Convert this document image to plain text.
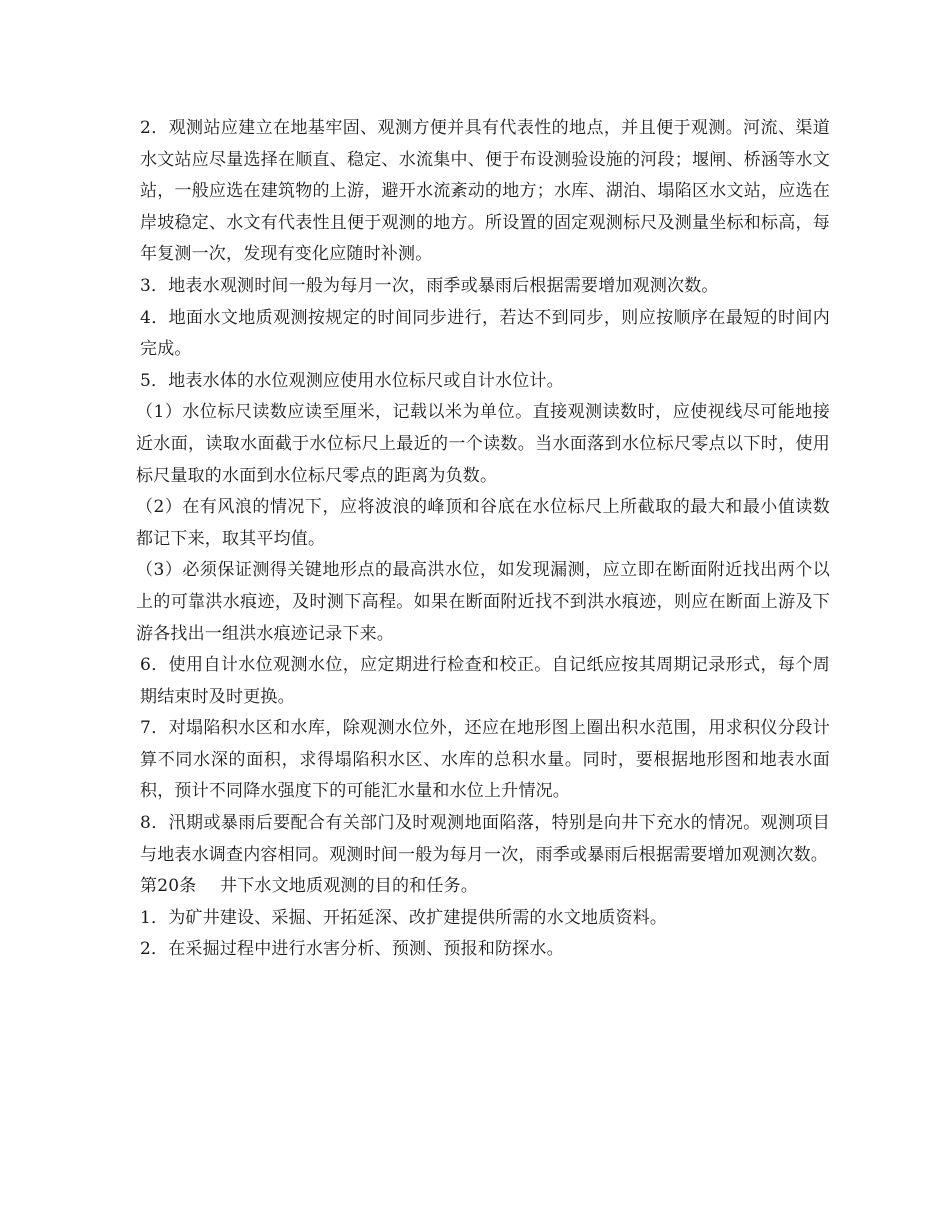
2．观测站应建立在地基牢固、观测方便并具有代表性的地点，并且便于观测。河流、渠道水文站应尽量选择在顺直、稳定、水流集中、便于布设测验设施的河段；堰闸、桥涵等水文站，一般应选在建筑物的上游，避开水流紊动的地方；水库、湖泊、塌陷区水文站，应选在岸坡稳定、水文有代表性且便于观测的地方。所设置的固定观测标尺及测量坐标和标高，每年复测一次，发现有变化应随时补测。

3．地表水观测时间一般为每月一次，雨季或暴雨后根据需要增加观测次数。

4．地面水文地质观测按规定的时间同步进行，若达不到同步，则应按顺序在最短的时间内完成。

5．地表水体的水位观测应使用水位标尺或自计水位计。

（1）水位标尺读数应读至厘米，记载以米为单位。直接观测读数时，应使视线尽可能地接近水面，读取水面截于水位标尺上最近的一个读数。当水面落到水位标尺零点以下时，使用标尺量取的水面到水位标尺零点的距离为负数。

（2）在有风浪的情况下，应将波浪的峰顶和谷底在水位标尺上所截取的最大和最小值读数都记下来，取其平均值。

（3）必须保证测得关键地形点的最高洪水位，如发现漏测，应立即在断面附近找出两个以上的可靠洪水痕迹，及时测下高程。如果在断面附近找不到洪水痕迹，则应在断面上游及下游各找出一组洪水痕迹记录下来。

6．使用自计水位观测水位，应定期进行检查和校正。自记纸应按其周期记录形式，每个周期结束时及时更换。

7．对塌陷积水区和水库，除观测水位外，还应在地形图上圈出积水范围，用求积仪分段计算不同水深的面积，求得塌陷积水区、水库的总积水量。同时，要根据地形图和地表水面积，预计不同降水强度下的可能汇水量和水位上升情况。

8．汛期或暴雨后要配合有关部门及时观测地面陷落，特别是向井下充水的情况。观测项目与地表水调查内容相同。观测时间一般为每月一次，雨季或暴雨后根据需要增加观测次数。

第20条 井下水文地质观测的目的和任务。

1．为矿井建设、采掘、开拓延深、改扩建提供所需的水文地质资料。

2．在采掘过程中进行水害分析、预测、预报和防探水。
